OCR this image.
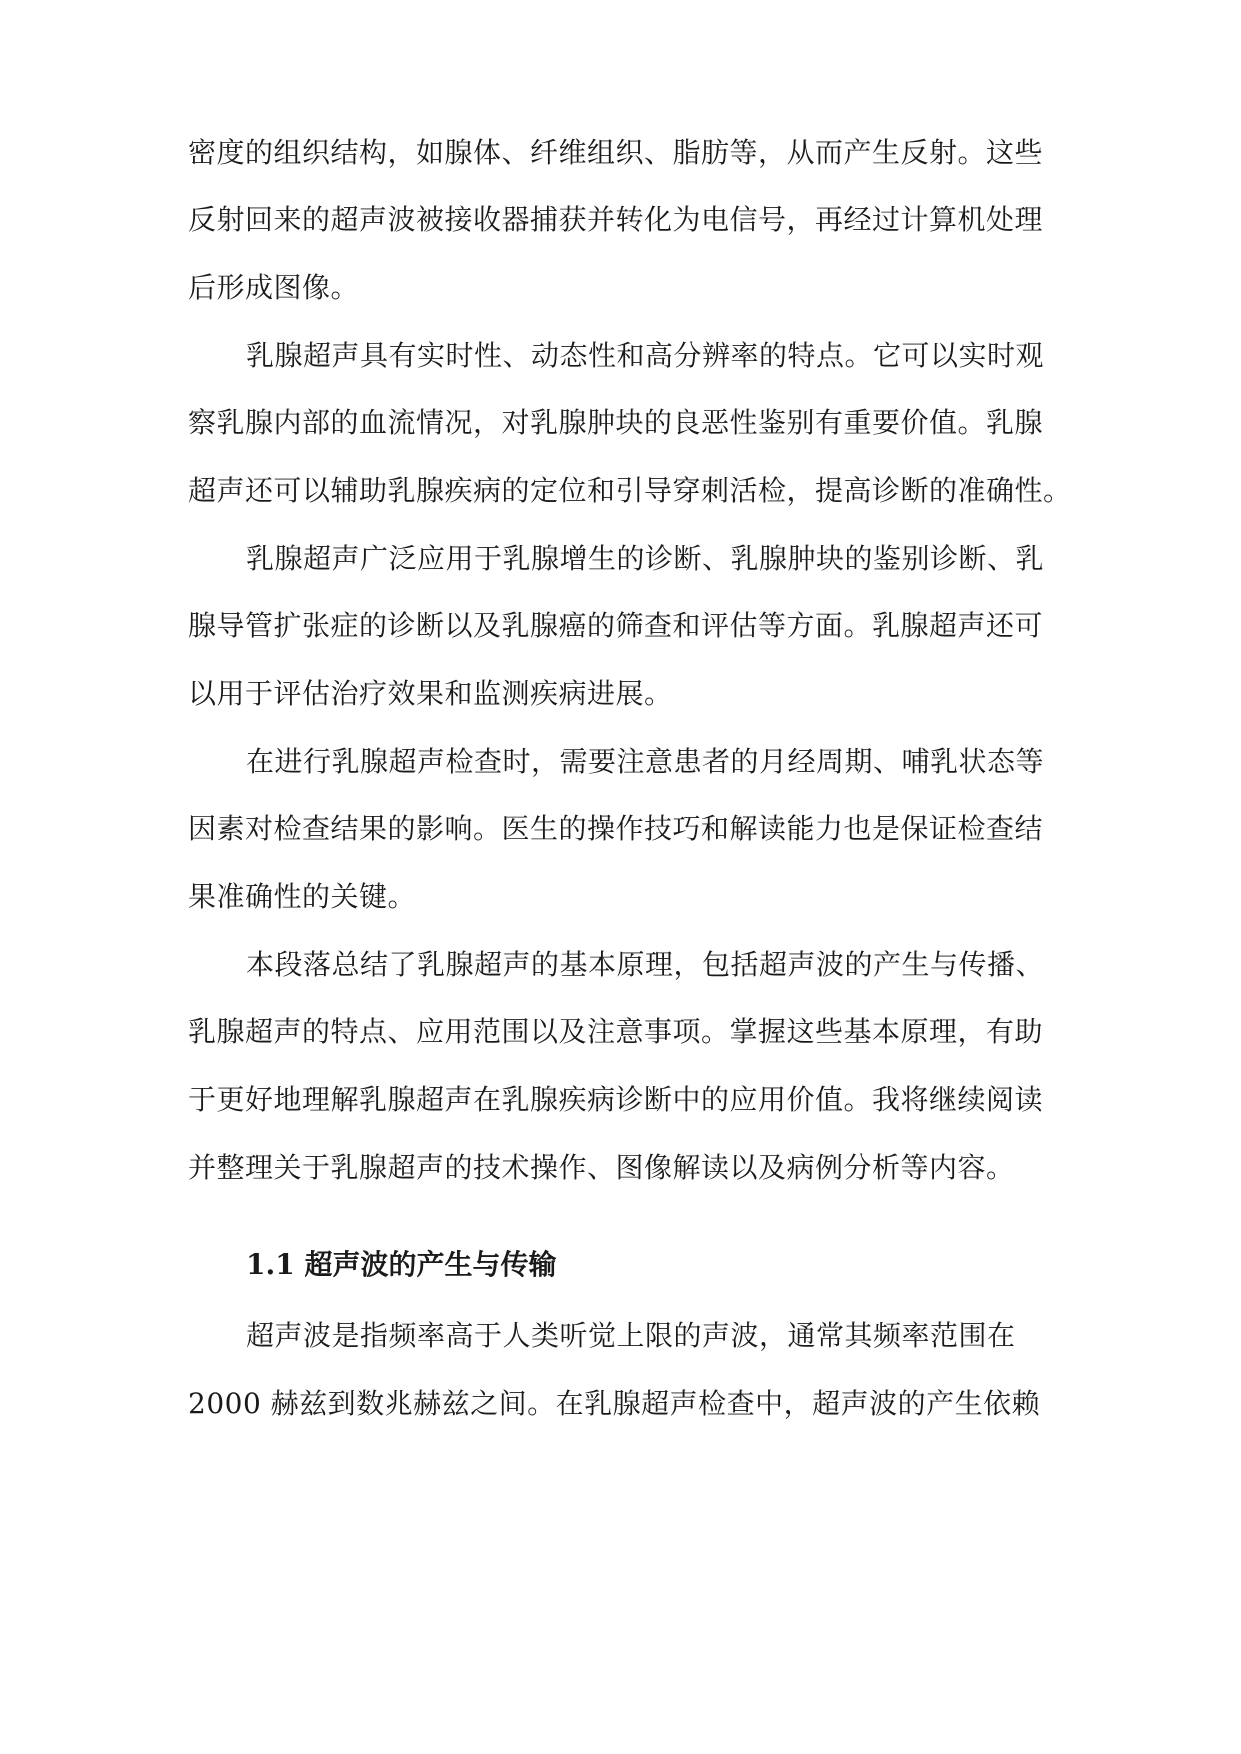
密度的组织结构，如腺体、纤维组织、脂肪等，从而产生反射。这些
反射回来的超声波被接收器捕获并转化为电信号，再经过计算机处理
后形成图像。
乳腺超声具有实时性、动态性和高分辨率的特点。它可以实时观
察乳腺内部的血流情况，对乳腺肿块的良恶性鉴别有重要价值。乳腺
超声还可以辅助乳腺疾病的定位和引导穿刺活检，提高诊断的准确性。
乳腺超声广泛应用于乳腺增生的诊断、乳腺肿块的鉴别诊断、乳
腺导管扩张症的诊断以及乳腺癌的筛查和评估等方面。乳腺超声还可
以用于评估治疗效果和监测疾病进展。
在进行乳腺超声检查时，需要注意患者的月经周期、哺乳状态等
因素对检查结果的影响。医生的操作技巧和解读能力也是保证检查结
果准确性的关键。
本段落总结了乳腺超声的基本原理，包括超声波的产生与传播、
乳腺超声的特点、应用范围以及注意事项。掌握这些基本原理，有助
于更好地理解乳腺超声在乳腺疾病诊断中的应用价值。我将继续阅读
并整理关于乳腺超声的技术操作、图像解读以及病例分析等内容。
1.1 超声波的产生与传输
超声波是指频率高于人类听觉上限的声波，通常其频率范围在
2000 赫兹到数兆赫兹之间。在乳腺超声检查中，超声波的产生依赖
